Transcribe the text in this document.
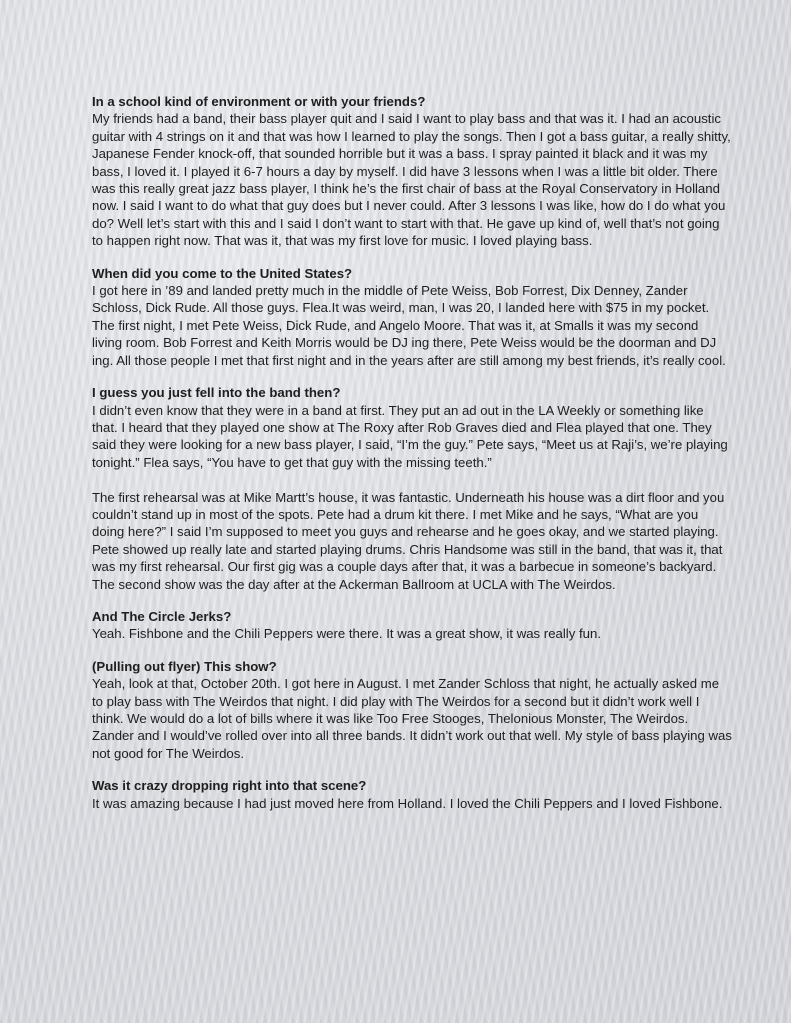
In a school kind of environment or with your friends?

My friends had a band, their bass player quit and I said I want to play bass and that was it. I had an acoustic guitar with 4 strings on it and that was how I learned to play the songs. Then I got a bass guitar, a really shitty, Japanese Fender knock-off, that sounded horrible but it was a bass. I spray painted it black and it was my bass, I loved it. I played it 6-7 hours a day by myself. I did have 3 lessons when I was a little bit older. There was this really great jazz bass player, I think he’s the first chair of bass at the Royal Conservatory in Holland now. I said I want to do what that guy does but I never could. After 3 lessons I was like, how do I do what you do? Well let’s start with this and I said I don’t want to start with that. He gave up kind of, well that’s not going to happen right now. That was it, that was my first love for music. I loved playing bass.

When did you come to the United States?

I got here in ’89 and landed pretty much in the middle of Pete Weiss, Bob Forrest, Dix Denney, Zander Schloss, Dick Rude. All those guys. Flea.It was weird, man, I was 20, I landed here with $75 in my pocket. The first night, I met Pete Weiss, Dick Rude, and Angelo Moore. That was it, at Smalls it was my second living room. Bob Forrest and Keith Morris would be DJ ing there, Pete Weiss would be the doorman and DJ ing. All those people I met that first night and in the years after are still among my best friends, it’s really cool.

I guess you just fell into the band then?

I didn’t even know that they were in a band at first. They put an ad out in the LA Weekly or something like that. I heard that they played one show at The Roxy after Rob Graves died and Flea played that one. They said they were looking for a new bass player, I said, “I’m the guy.” Pete says, “Meet us at Raji’s, we’re playing tonight.” Flea says, “You have to get that guy with the missing teeth.”

The first rehearsal was at Mike Martt’s house, it was fantastic. Underneath his house was a dirt floor and you couldn’t stand up in most of the spots. Pete had a drum kit there. I met Mike and he says, “What are you doing here?” I said I’m supposed to meet you guys and rehearse and he goes okay, and we started playing. Pete showed up really late and started playing drums. Chris Handsome was still in the band, that was it, that was my first rehearsal. Our first gig was a couple days after that, it was a barbecue in someone’s backyard. The second show was the day after at the Ackerman Ballroom at UCLA with The Weirdos.

And The Circle Jerks?

Yeah. Fishbone and the Chili Peppers were there. It was a great show, it was really fun.

(Pulling out flyer) This show?

Yeah, look at that, October 20th. I got here in August. I met Zander Schloss that night, he actually asked me to play bass with The Weirdos that night. I did play with The Weirdos for a second but it didn’t work well I think. We would do a lot of bills where it was like Too Free Stooges, Thelonious Monster, The Weirdos. Zander and I would’ve rolled over into all three bands. It didn’t work out that well. My style of bass playing was not good for The Weirdos.

Was it crazy dropping right into that scene?

It was amazing because I had just moved here from Holland. I loved the Chili Peppers and I loved Fishbone.
